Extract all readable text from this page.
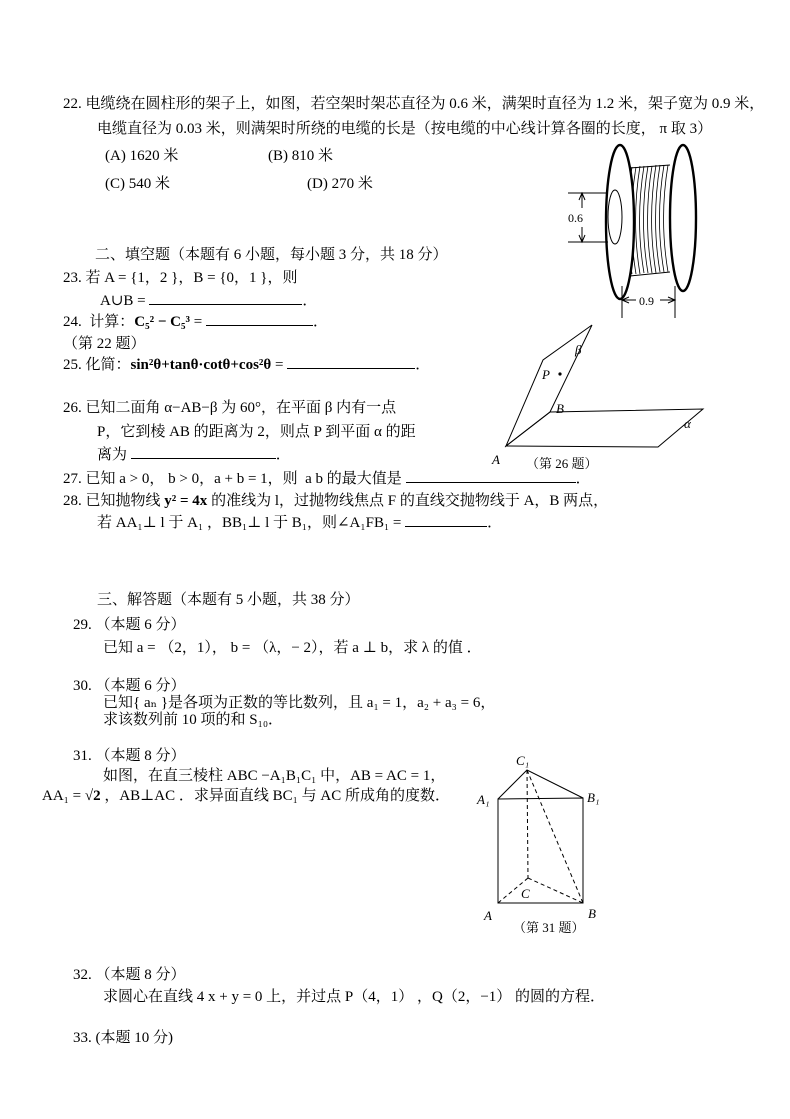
22. 电缆绕在圆柱形的架子上，如图，若空架时架芯直径为 0.6 米，满架时直径为 1.2 米，架子宽为 0.9 米，
电缆直径为 0.03 米，则满架时所绕的电缆的长是（按电缆的中心线计算各圈的长度， π 取 3）
(A) 1620 米	(B) 810 米
(C) 540 米	(D) 270 米
0.6
0.9
二、填空题（本题有 6 小题，每小题 3 分，共 18 分）
23. 若 A = {1，2 }，B = {0，1 }，则
A∪B =	．
24.  计算：C₅² − C₅³ =	．
（第 22 题）
25. 化简：sin²θ+tanθ·cotθ+cos²θ =	．
26. 已知二面角 α−AB−β 为 60°，在平面 β 内有一点
P，它到棱 AB 的距离为 2，则点 P 到平面 α 的距
离为	．
β
P
B
α
A （第 26 题）
27. 已知 a > 0， b > 0，a + b = 1，则  a b 的最大值是	．
28. 已知抛物线 y² = 4x 的准线为 l，过抛物线焦点 F 的直线交抛物线于 A，B 两点，
若 AA₁⊥ l 于 A₁ ，BB₁⊥ l 于 B₁，则∠A₁FB₁ =	．
三、解答题（本题有 5 小题，共 38 分）
29. （本题 6 分）
已知 a = （2，1）， b = （λ，− 2），若 a ⊥ b，求 λ 的值 ．
30. （本题 6 分）
已知{ aₙ }是各项为正数的等比数列，且 a₁ = 1，a₂ + a₃ = 6，
求该数列前 10 项的和 S₁₀．
31. （本题 8 分）
如图，在直三棱柱 ABC −A₁B₁C₁ 中，AB = AC = 1，
AA₁ = √2 ，AB⊥AC ．求异面直线 BC₁ 与 AC 所成角的度数．
C₁
A₁	B₁
A	B
C
（第 31 题）
32. （本题 8 分）
求圆心在直线 4 x + y = 0 上，并过点 P（4，1） ，Q（2，−1） 的圆的方程．
33. (本题 10 分)
